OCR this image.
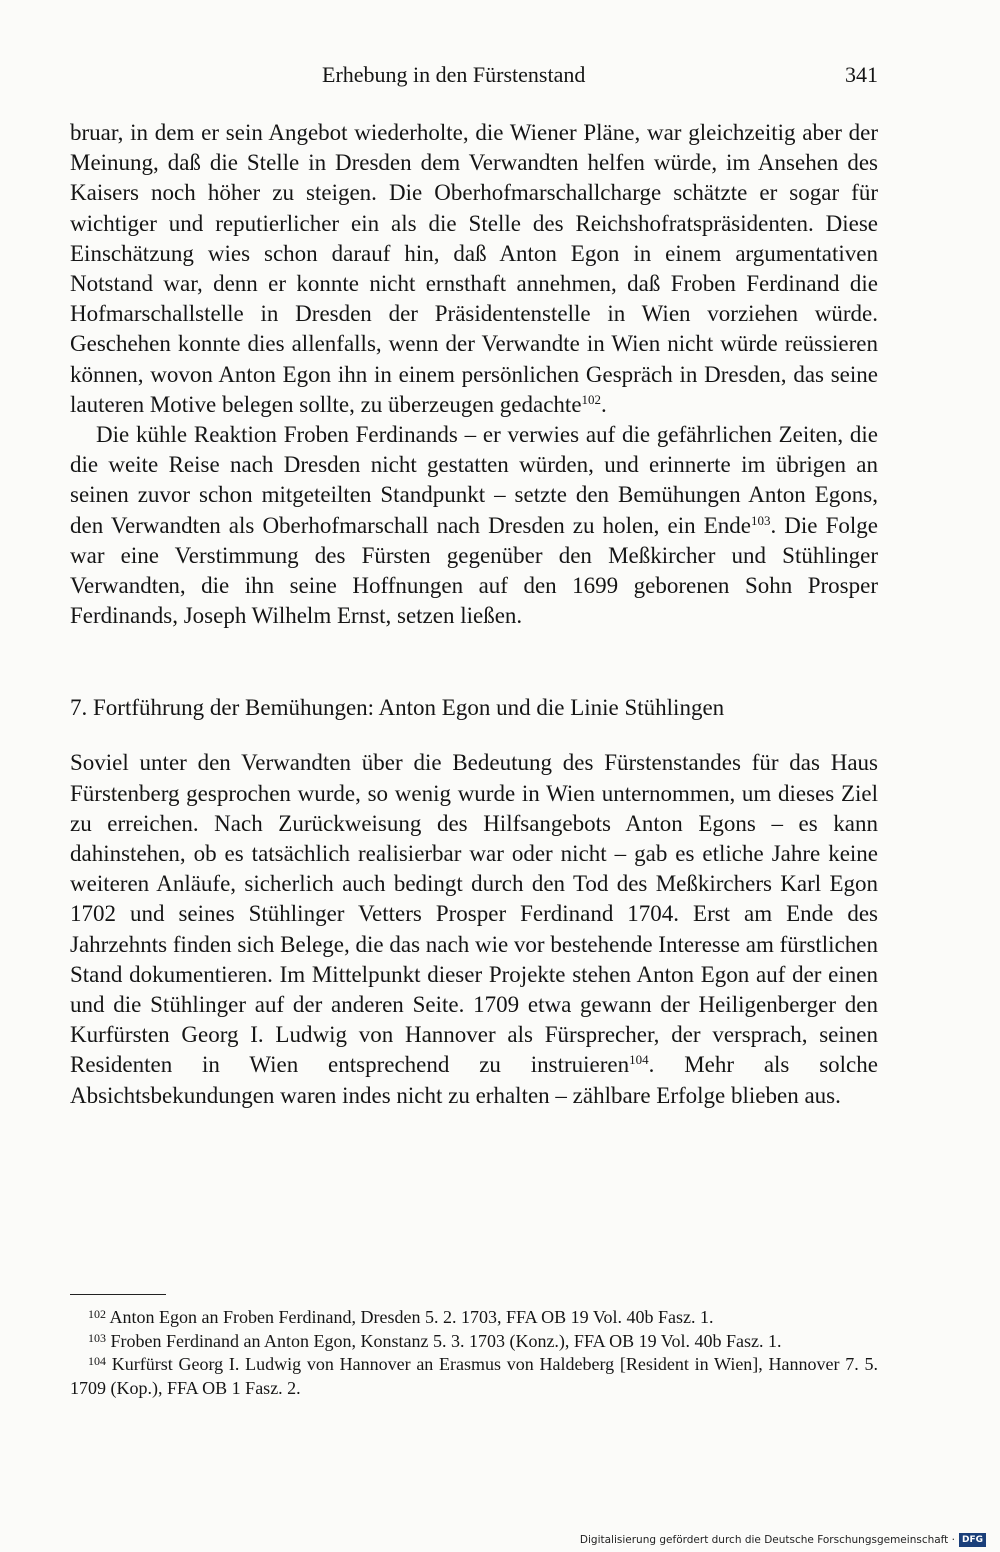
Erhebung in den Fürstenstand	341

bruar, in dem er sein Angebot wiederholte, die Wiener Pläne, war gleichzeitig aber der Meinung, daß die Stelle in Dresden dem Verwandten helfen würde, im Ansehen des Kaisers noch höher zu steigen. Die Oberhofmarschallcharge schätzte er sogar für wichtiger und reputierlicher ein als die Stelle des Reichshofratspräsidenten. Diese Einschätzung wies schon darauf hin, daß Anton Egon in einem argumentativen Notstand war, denn er konnte nicht ernsthaft annehmen, daß Froben Ferdinand die Hofmarschallstelle in Dresden der Präsidentenstelle in Wien vorziehen würde. Geschehen konnte dies allenfalls, wenn der Verwandte in Wien nicht würde reüssieren können, wovon Anton Egon ihn in einem persönlichen Gespräch in Dresden, das seine lauteren Motive belegen sollte, zu überzeugen gedachte$^{102}$.

Die kühle Reaktion Froben Ferdinands – er verwies auf die gefährlichen Zeiten, die die weite Reise nach Dresden nicht gestatten würden, und erinnerte im übrigen an seinen zuvor schon mitgeteilten Standpunkt – setzte den Bemühungen Anton Egons, den Verwandten als Oberhofmarschall nach Dresden zu holen, ein Ende$^{103}$. Die Folge war eine Verstimmung des Fürsten gegenüber den Meßkircher und Stühlinger Verwandten, die ihn seine Hoffnungen auf den 1699 geborenen Sohn Prosper Ferdinands, Joseph Wilhelm Ernst, setzen ließen.

7. Fortführung der Bemühungen: Anton Egon und die Linie Stühlingen

Soviel unter den Verwandten über die Bedeutung des Fürstenstandes für das Haus Fürstenberg gesprochen wurde, so wenig wurde in Wien unternommen, um dieses Ziel zu erreichen. Nach Zurückweisung des Hilfsangebots Anton Egons – es kann dahinstehen, ob es tatsächlich realisierbar war oder nicht – gab es etliche Jahre keine weiteren Anläufe, sicherlich auch bedingt durch den Tod des Meßkirchers Karl Egon 1702 und seines Stühlinger Vetters Prosper Ferdinand 1704. Erst am Ende des Jahrzehnts finden sich Belege, die das nach wie vor bestehende Interesse am fürstlichen Stand dokumentieren. Im Mittelpunkt dieser Projekte stehen Anton Egon auf der einen und die Stühlinger auf der anderen Seite. 1709 etwa gewann der Heiligenberger den Kurfürsten Georg I. Ludwig von Hannover als Fürsprecher, der versprach, seinen Residenten in Wien entsprechend zu instruieren$^{104}$. Mehr als solche Absichtsbekundungen waren indes nicht zu erhalten – zählbare Erfolge blieben aus.

$^{102}$ Anton Egon an Froben Ferdinand, Dresden 5. 2. 1703, FFA OB 19 Vol. 40b Fasz. 1.

$^{103}$ Froben Ferdinand an Anton Egon, Konstanz 5. 3. 1703 (Konz.), FFA OB 19 Vol. 40b Fasz. 1.

$^{104}$ Kurfürst Georg I. Ludwig von Hannover an Erasmus von Haldeberg [Resident in Wien], Hannover 7. 5. 1709 (Kop.), FFA OB 1 Fasz. 2.

Digitalisierung gefördert durch die Deutsche Forschungsgemeinschaft · DFG
